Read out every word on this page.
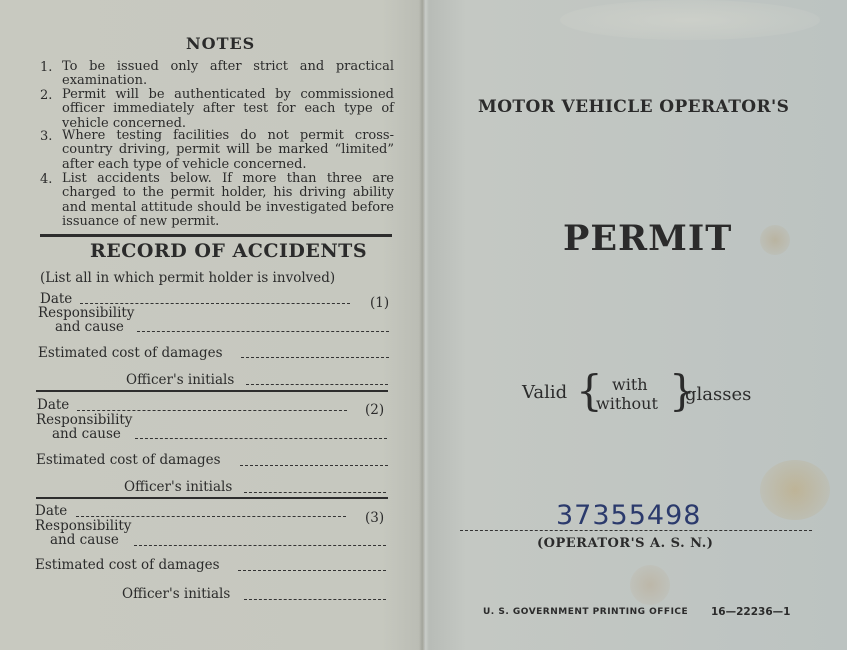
NOTES
1. To be issued only after strict and practical examination.
2. Permit will be authenticated by commissioned officer immediately after test for each type of vehicle concerned.
3. Where testing facilities do not permit cross-country driving, permit will be marked “limited” after each type of vehicle concerned.
4. List accidents below. If more than three are charged to the permit holder, his driving ability and mental attitude should be investigated before issuance of new permit.
RECORD OF ACCIDENTS
(List all in which permit holder is involved)
Date	(1)
Responsibility
and cause
Estimated cost of damages
Officer's initials
Date	(2)
Responsibility
and cause
Estimated cost of damages
Officer's initials
Date	(3)
Responsibility
and cause
Estimated cost of damages
Officer's initials
MOTOR VEHICLE OPERATOR'S
PERMIT
Valid { with
without }
glasses
37355498
(OPERATOR'S A. S. N.)
U. S. GOVERNMENT PRINTING OFFICE 16—22236—1
